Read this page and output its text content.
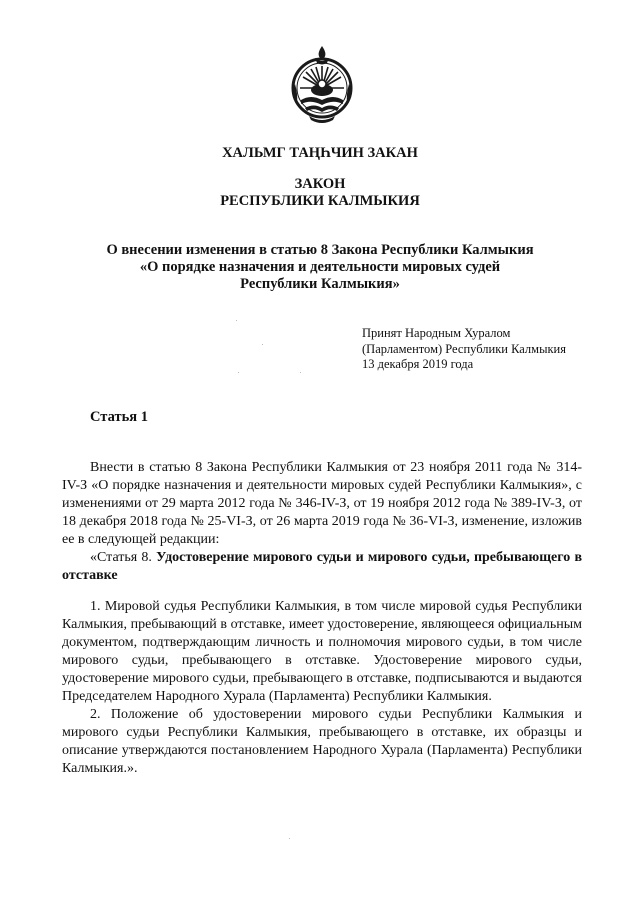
ХАЛЬМГ ТАҢҺЧИН ЗАКАН
ЗАКОН
РЕСПУБЛИКИ КАЛМЫКИЯ
О внесении изменения в статью 8 Закона Республики Калмыкия
«О порядке назначения и деятельности мировых судей
Республики Калмыкия»
Принят Народным Хуралом
(Парламентом) Республики Калмыкия
13 декабря 2019 года
Статья 1

Внести в статью 8 Закона Республики Калмыкия от 23 ноября 2011 года № 314-IV-З «О порядке назначения и деятельности мировых судей Республики Калмыкия», с изменениями от 29 марта 2012 года № 346-IV-З, от 19 ноября 2012 года № 389-IV-З, от 18 декабря 2018 года № 25-VI-З, от 26 марта 2019 года № 36-VI-З, изменение, изложив ее в следующей редакции:

«Статья 8. Удостоверение мирового судьи и мирового судьи, пребывающего в отставке

1. Мировой судья Республики Калмыкия, в том числе мировой судья Республики Калмыкия, пребывающий в отставке, имеет удостоверение, являющееся официальным документом, подтверждающим личность и полномочия мирового судьи, в том числе мирового судьи, пребывающего в отставке. Удостоверение мирового судьи, удостоверение мирового судьи, пребывающего в отставке, подписываются и выдаются Председателем Народного Хурала (Парламента) Республики Калмыкия.

2. Положение об удостоверении мирового судьи Республики Калмыкия и мирового судьи Республики Калмыкия, пребывающего в отставке, их образцы и описание утверждаются постановлением Народного Хурала (Парламента) Республики Калмыкия.».
